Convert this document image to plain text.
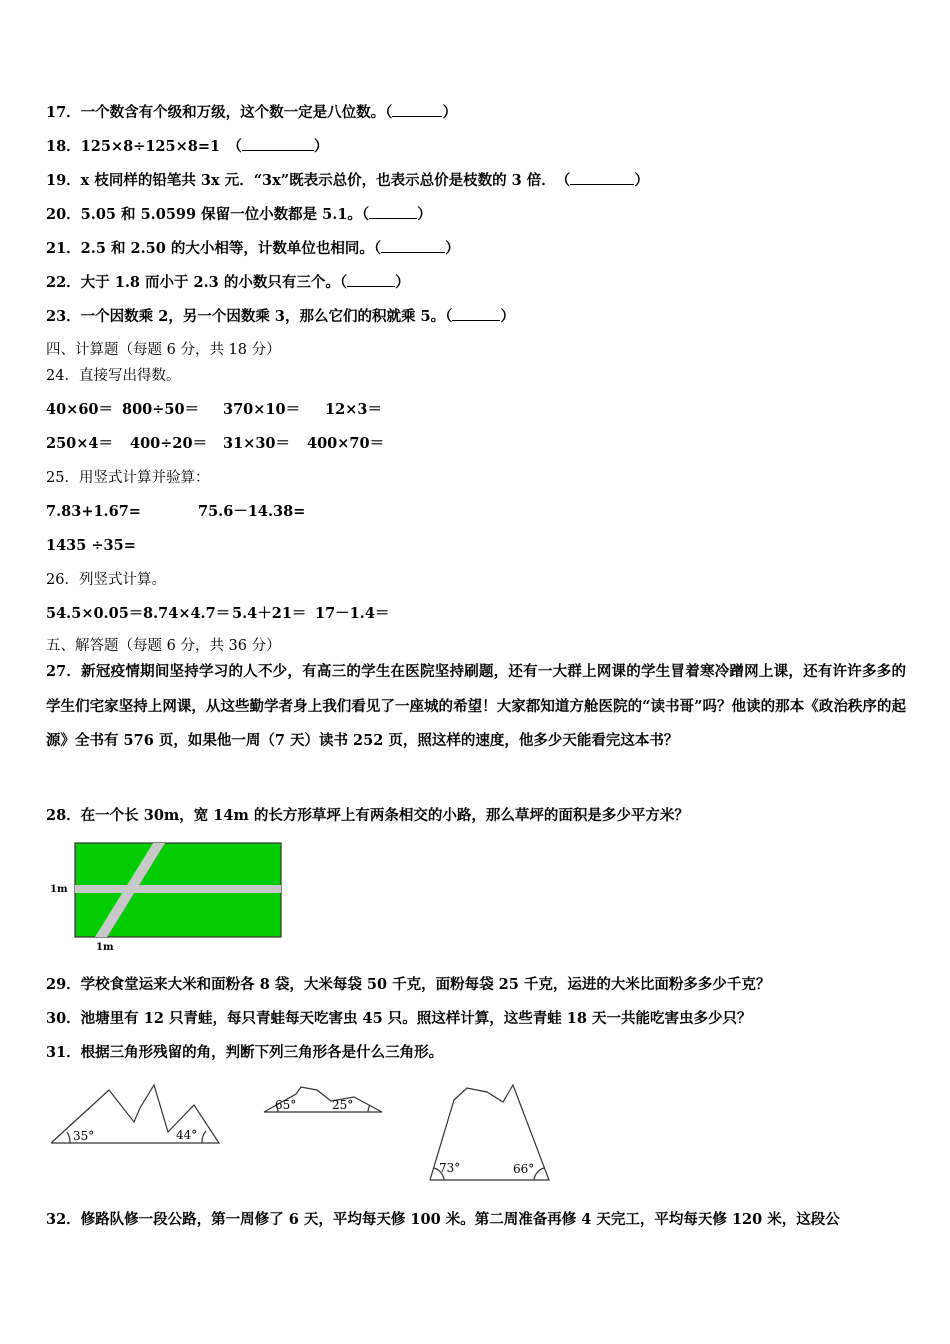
17．一个数含有个级和万级，这个数一定是八位数。（	）
18．125×8÷125×8=1　（	）
19．x 枝同样的铅笔共 3x 元．“3x”既表示总价，也表示总价是枝数的 3 倍．　（	）
20．5.05 和 5.0599 保留一位小数都是 5.1。（	）
21．2.5 和 2.50 的大小相等，计数单位也相同。（	）
22．大于 1.8 而小于 2.3 的小数只有三个。（	）
23．一个因数乘 2，另一个因数乘 3，那么它们的积就乘 5。（	）
四、计算题（每题 6 分，共 18 分）
24．直接写出得数。
40×60＝ 800÷50＝ 370×10＝ 12×3＝
250×4＝ 400÷20＝ 31×30＝ 400×70＝
25．用竖式计算并验算：
7.83+1.67=	75.6－14.38=
1435 ÷35=
26．列竖式计算。
54.5×0.05＝ 8.74×4.7＝ 5.4＋21＝ 17－1.4＝
五、解答题（每题 6 分，共 36 分）
27．新冠疫情期间坚持学习的人不少，有高三的学生在医院坚持刷题，还有一大群上网课的学生冒着寒冷蹭网上课，还有许许多多的学生们宅家坚持上网课，从这些勤学者身上我们看见了一座城的希望！大家都知道方舱医院的“读书哥”吗？他读的那本《政治秩序的起源》全书有 576 页，如果他一周（7 天）读书 252 页，照这样的速度，他多少天能看完这本书？
28．在一个长 30m，宽 14m 的长方形草坪上有两条相交的小路，那么草坪的面积是多少平方米？
1m
1m
29．学校食堂运来大米和面粉各 8 袋，大米每袋 50 千克，面粉每袋 25 千克，运进的大米比面粉多多少千克？
30．池塘里有 12 只青蛙，每只青蛙每天吃害虫 45 只。照这样计算，这些青蛙 18 天一共能吃害虫多少只？
31．根据三角形残留的角，判断下列三角形各是什么三角形。
35°	44°
65°	25°
73°	66°
32．修路队修一段公路，第一周修了 6 天，平均每天修 100 米。第二周准备再修 4 天完工，平均每天修 120 米，这段公
